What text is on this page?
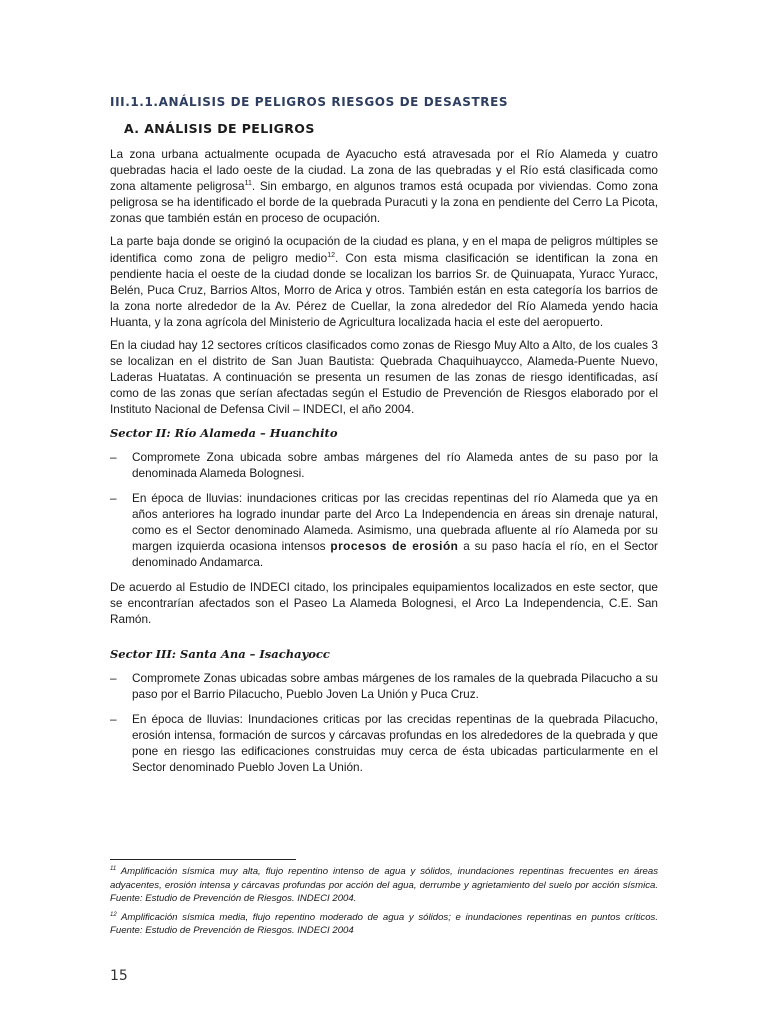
III.1.1.ANÁLISIS DE PELIGROS RIESGOS DE DESASTRES
A. ANÁLISIS DE PELIGROS

La zona urbana actualmente ocupada de Ayacucho está atravesada por el Río Alameda y cuatro quebradas hacia el lado oeste de la ciudad. La zona de las quebradas y el Río está clasificada como zona altamente peligrosa$^{11}$. Sin embargo, en algunos tramos está ocupada por viviendas. Como zona peligrosa se ha identificado el borde de la quebrada Puracuti y la zona en pendiente del Cerro La Picota, zonas que también están en proceso de ocupación.

La parte baja donde se originó la ocupación de la ciudad es plana, y en el mapa de peligros múltiples se identifica como zona de peligro medio$^{12}$. Con esta misma clasificación se identifican la zona en pendiente hacia el oeste de la ciudad donde se localizan los barrios Sr. de Quinuapata, Yuracc Yuracc, Belén, Puca Cruz, Barrios Altos, Morro de Arica y otros. También están en esta categoría los barrios de la zona norte alrededor de la Av. Pérez de Cuellar, la zona alrededor del Río Alameda yendo hacia Huanta, y la zona agrícola del Ministerio de Agricultura localizada hacia el este del aeropuerto.

En la ciudad hay 12 sectores críticos clasificados como zonas de Riesgo Muy Alto a Alto, de los cuales 3 se localizan en el distrito de San Juan Bautista: Quebrada Chaquihuaycco, Alameda-Puente Nuevo, Laderas Huatatas. A continuación se presenta un resumen de las zonas de riesgo identificadas, así como de las zonas que serían afectadas según el Estudio de Prevención de Riesgos elaborado por el Instituto Nacional de Defensa Civil – INDECI, el año 2004.

Sector II: Río Alameda – Huanchito
– Compromete Zona ubicada sobre ambas márgenes del río Alameda antes de su paso por la denominada Alameda Bolognesi.
– En época de lluvias: inundaciones criticas por las crecidas repentinas del río Alameda que ya en años anteriores ha logrado inundar parte del Arco La Independencia en áreas sin drenaje natural, como es el Sector denominado Alameda. Asimismo, una quebrada afluente al río Alameda por su margen izquierda ocasiona intensos procesos de erosión a su paso hacía el río, en el Sector denominado Andamarca.

De acuerdo al Estudio de INDECI citado, los principales equipamientos localizados en este sector, que se encontrarían afectados son el Paseo La Alameda Bolognesi, el Arco La Independencia, C.E. San Ramón.

Sector III: Santa Ana – Isachayocc
– Compromete Zonas ubicadas sobre ambas márgenes de los ramales de la quebrada Pilacucho a su paso por el Barrio Pilacucho, Pueblo Joven La Unión y Puca Cruz.
– En época de lluvias: Inundaciones criticas por las crecidas repentinas de la quebrada Pilacucho, erosión intensa, formación de surcos y cárcavas profundas en los alrededores de la quebrada y que pone en riesgo las edificaciones construidas muy cerca de ésta ubicadas particularmente en el Sector denominado Pueblo Joven La Unión.

$^{11}$ Amplificación sísmica muy alta, flujo repentino intenso de agua y sólidos, inundaciones repentinas frecuentes en áreas adyacentes, erosión intensa y cárcavas profundas por acción del agua, derrumbe y agrietamiento del suelo por acción sísmica. Fuente: Estudio de Prevención de Riesgos. INDECI 2004.

$^{12}$ Amplificación sísmica media, flujo repentino moderado de agua y sólidos; e inundaciones repentinas en puntos críticos. Fuente: Estudio de Prevención de Riesgos. INDECI 2004

15
